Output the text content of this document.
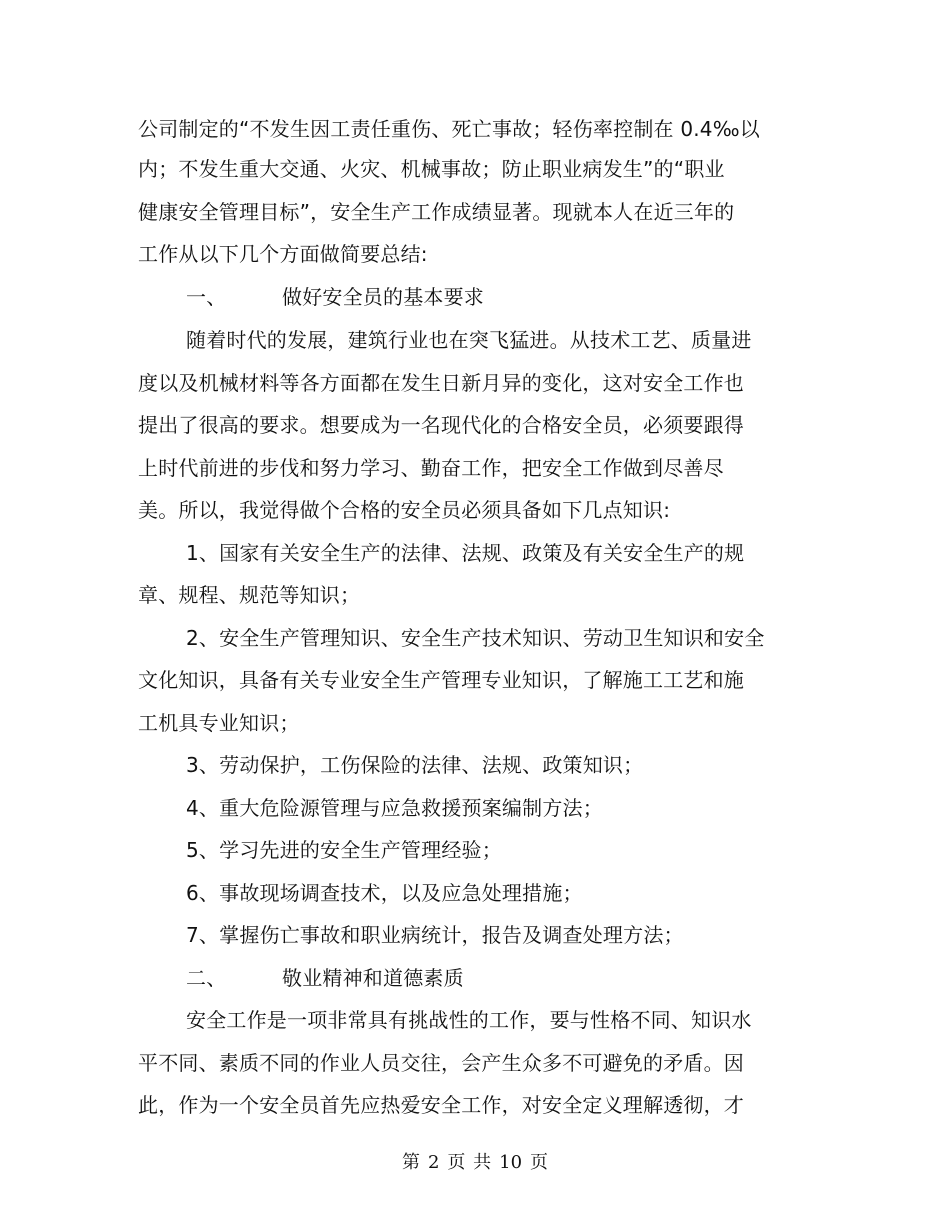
公司制定的“不发生因工责任重伤、死亡事故；轻伤率控制在 0.4‰以
内；不发生重大交通、火灾、机械事故；防止职业病发生”的“职业
健康安全管理目标”，安全生产工作成绩显著。现就本人在近三年的
工作从以下几个方面做简要总结:
一、	做好安全员的基本要求
随着时代的发展，建筑行业也在突飞猛进。从技术工艺、质量进
度以及机械材料等各方面都在发生日新月异的变化，这对安全工作也
提出了很高的要求。想要成为一名现代化的合格安全员，必须要跟得
上时代前进的步伐和努力学习、勤奋工作，把安全工作做到尽善尽
美。所以，我觉得做个合格的安全员必须具备如下几点知识:
1、国家有关安全生产的法律、法规、政策及有关安全生产的规
章、规程、规范等知识；
2、安全生产管理知识、安全生产技术知识、劳动卫生知识和安全
文化知识，具备有关专业安全生产管理专业知识，了解施工工艺和施
工机具专业知识；
3、劳动保护，工伤保险的法律、法规、政策知识；
4、重大危险源管理与应急救援预案编制方法；
5、学习先进的安全生产管理经验；
6、事故现场调查技术，以及应急处理措施；
7、掌握伤亡事故和职业病统计，报告及调查处理方法；
二、	敬业精神和道德素质
安全工作是一项非常具有挑战性的工作，要与性格不同、知识水
平不同、素质不同的作业人员交往，会产生众多不可避免的矛盾。因
此，作为一个安全员首先应热爱安全工作，对安全定义理解透彻，才
第 2 页 共 10 页
